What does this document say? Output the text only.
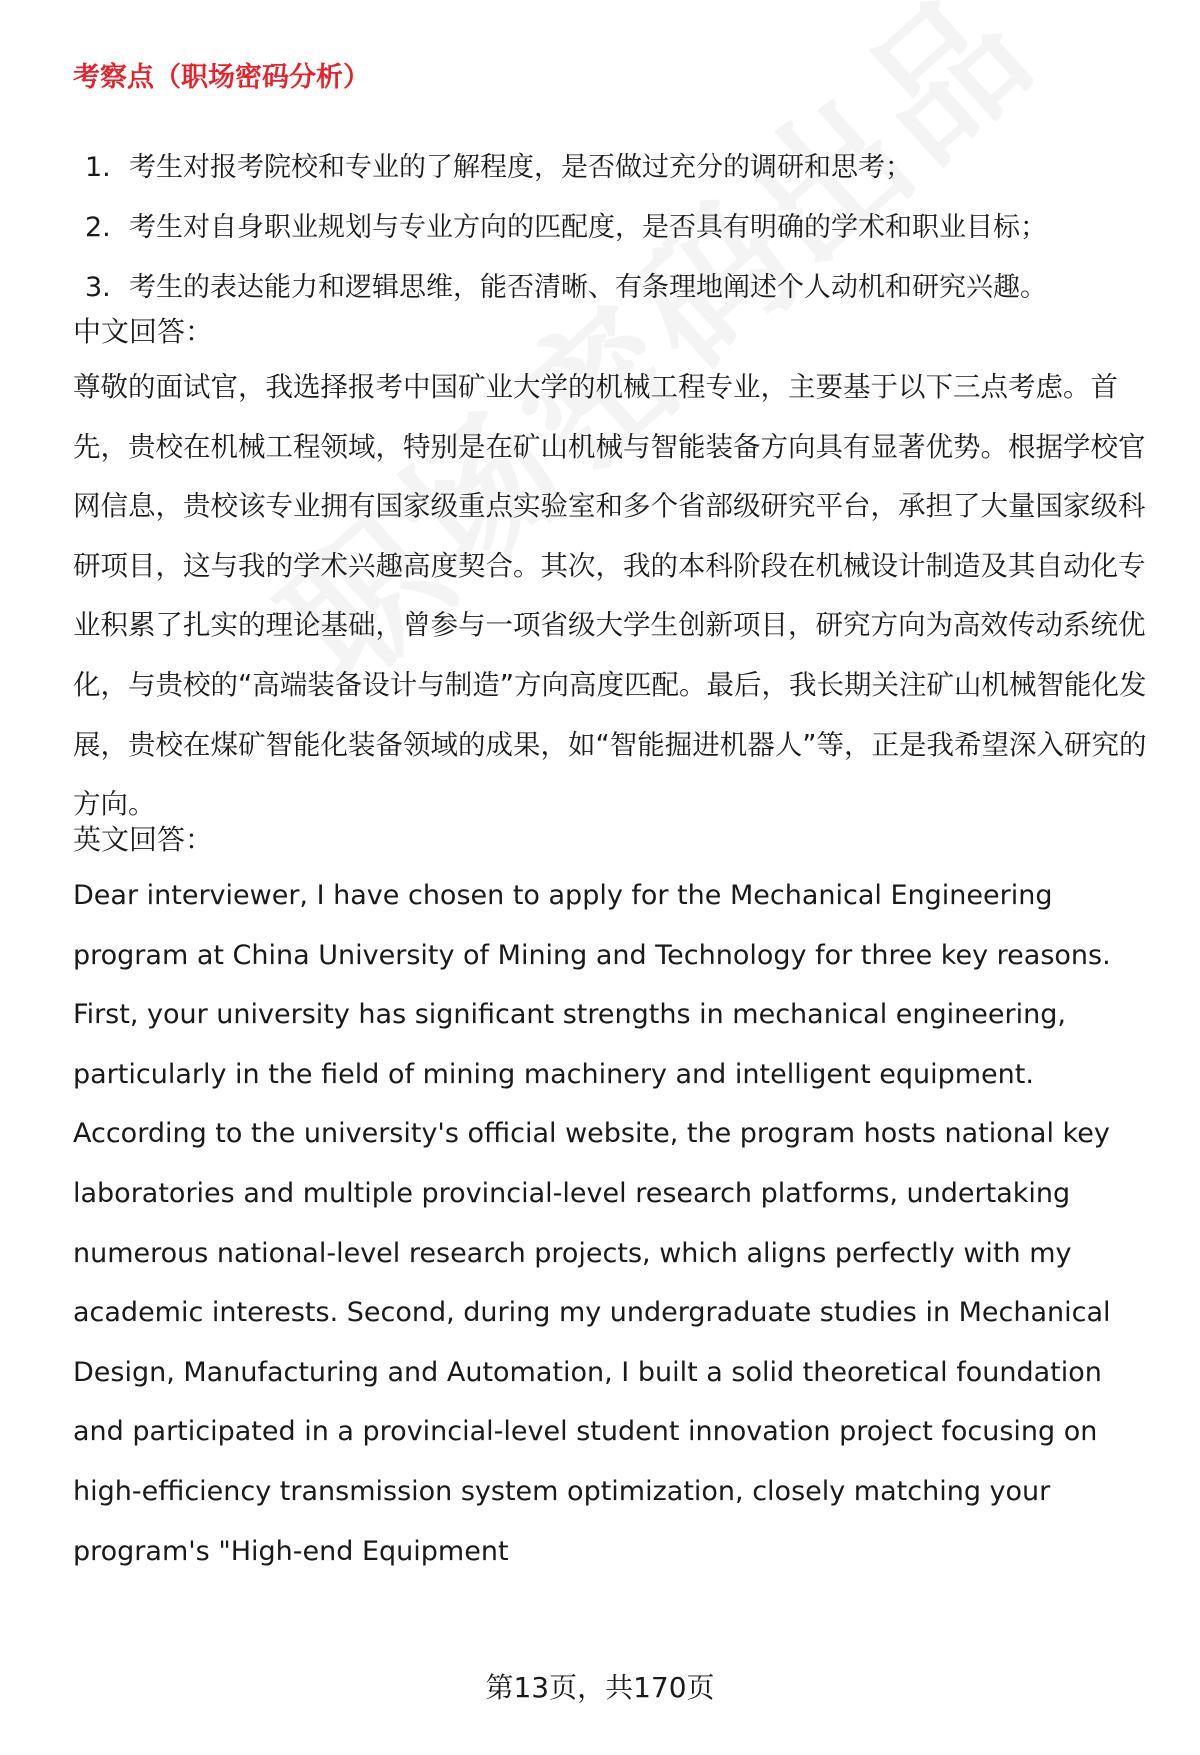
考察点（职场密码分析）
1. 考生对报考院校和专业的了解程度，是否做过充分的调研和思考；
2. 考生对自身职业规划与专业方向的匹配度，是否具有明确的学术和职业目标；
3. 考生的表达能力和逻辑思维，能否清晰、有条理地阐述个人动机和研究兴趣。
中文回答：

尊敬的面试官，我选择报考中国矿业大学的机械工程专业，主要基于以下三点考虑。首先，贵校在机械工程领域，特别是在矿山机械与智能装备方向具有显著优势。根据学校官网信息，贵校该专业拥有国家级重点实验室和多个省部级研究平台，承担了大量国家级科研项目，这与我的学术兴趣高度契合。其次，我的本科阶段在机械设计制造及其自动化专业积累了扎实的理论基础，曾参与一项省级大学生创新项目，研究方向为高效传动系统优化，与贵校的“高端装备设计与制造”方向高度匹配。最后，我长期关注矿山机械智能化发展，贵校在煤矿智能化装备领域的成果，如“智能掘进机器人”等，正是我希望深入研究的方向。

英文回答：

Dear interviewer, I have chosen to apply for the Mechanical Engineering program at China University of Mining and Technology for three key reasons. First, your university has significant strengths in mechanical engineering, particularly in the field of mining machinery and intelligent equipment. According to the university's official website, the program hosts national key laboratories and multiple provincial-level research platforms, undertaking numerous national-level research projects, which aligns perfectly with my academic interests. Second, during my undergraduate studies in Mechanical Design, Manufacturing and Automation, I built a solid theoretical foundation and participated in a provincial-level student innovation project focusing on high-efficiency transmission system optimization, closely matching your program's "High-end Equipment

第13页，共170页
